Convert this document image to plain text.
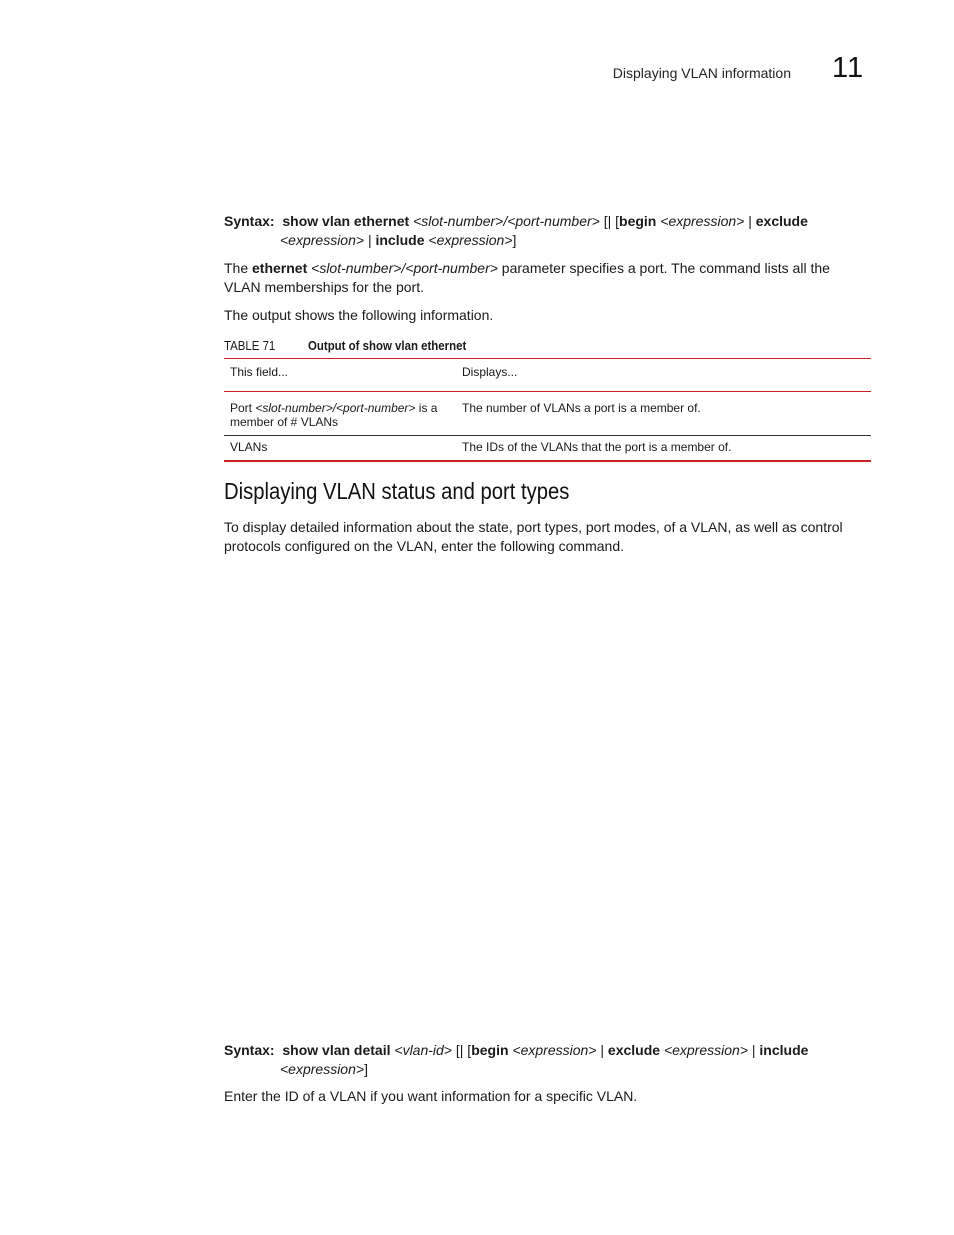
Displaying VLAN information 11
Syntax: show vlan ethernet <slot-number>/<port-number> [| [begin <expression> | exclude
<expression> | include <expression>]
The ethernet <slot-number>/<port-number> parameter specifies a port. The command lists all the VLAN memberships for the port.
The output shows the following information.
TABLE 71	Output of show vlan ethernet
This field...	Displays...
Port <slot-number>/<port-number> is a member of # VLANs	The number of VLANs a port is a member of.
VLANs	The IDs of the VLANs that the port is a member of.
Displaying VLAN status and port types
To display detailed information about the state, port types, port modes, of a VLAN, as well as control protocols configured on the VLAN, enter the following command.
Syntax: show vlan detail <vlan-id> [| [begin <expression> | exclude <expression> | include
<expression>]
Enter the ID of a VLAN if you want information for a specific VLAN.
